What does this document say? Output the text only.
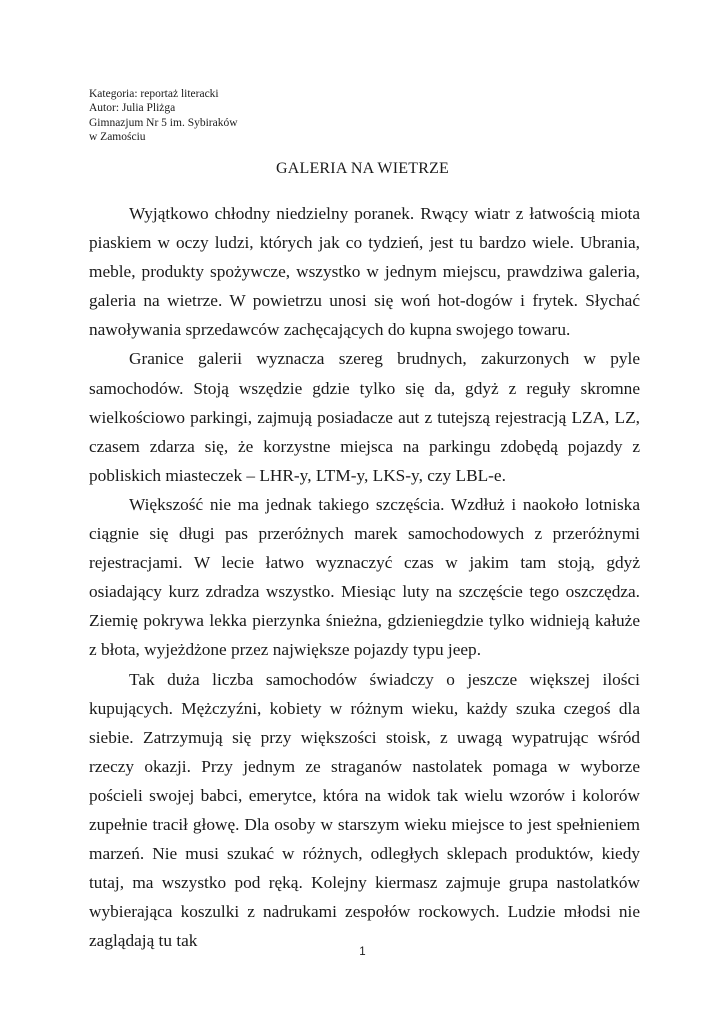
Kategoria: reportaż literacki
Autor: Julia Pliżga
Gimnazjum Nr 5 im. Sybiraków
w Zamościu
GALERIA NA WIETRZE

Wyjątkowo chłodny niedzielny poranek. Rwący wiatr z łatwością miota piaskiem w oczy ludzi, których jak co tydzień, jest tu bardzo wiele. Ubrania, meble, produkty spożywcze, wszystko w jednym miejscu, prawdziwa galeria, galeria na wietrze. W powietrzu unosi się woń hot-dogów i frytek. Słychać nawoływania sprzedawców zachęcających do kupna swojego towaru.

Granice galerii wyznacza szereg brudnych, zakurzonych w pyle samochodów. Stoją wszędzie gdzie tylko się da, gdyż z reguły skromne wielkościowo parkingi, zajmują posiadacze aut z tutejszą rejestracją LZA, LZ, czasem zdarza się, że korzystne miejsca na parkingu zdobędą pojazdy z pobliskich miasteczek – LHR-y, LTM-y, LKS-y, czy LBL-e.

Większość nie ma jednak takiego szczęścia. Wzdłuż i naokoło lotniska ciągnie się długi pas przeróżnych marek samochodowych z przeróżnymi rejestracjami. W lecie łatwo wyznaczyć czas w jakim tam stoją, gdyż osiadający kurz zdradza wszystko. Miesiąc luty na szczęście tego oszczędza. Ziemię pokrywa lekka pierzynka śnieżna, gdzieniegdzie tylko widnieją kałuże z błota, wyjeżdżone przez największe pojazdy typu jeep.

Tak duża liczba samochodów świadczy o jeszcze większej ilości kupujących. Mężczyźni, kobiety w różnym wieku, każdy szuka czegoś dla siebie. Zatrzymują się przy większości stoisk, z uwagą wypatrując wśród rzeczy okazji. Przy jednym ze straganów nastolatek pomaga w wyborze pościeli swojej babci, emerytce, która na widok tak wielu wzorów i kolorów zupełnie tracił głowę. Dla osoby w starszym wieku miejsce to jest spełnieniem marzeń. Nie musi szukać w różnych, odległych sklepach produktów, kiedy tutaj, ma wszystko pod ręką. Kolejny kiermasz zajmuje grupa nastolatków wybierająca koszulki z nadrukami zespołów rockowych. Ludzie młodsi nie zaglądają tu tak

1
